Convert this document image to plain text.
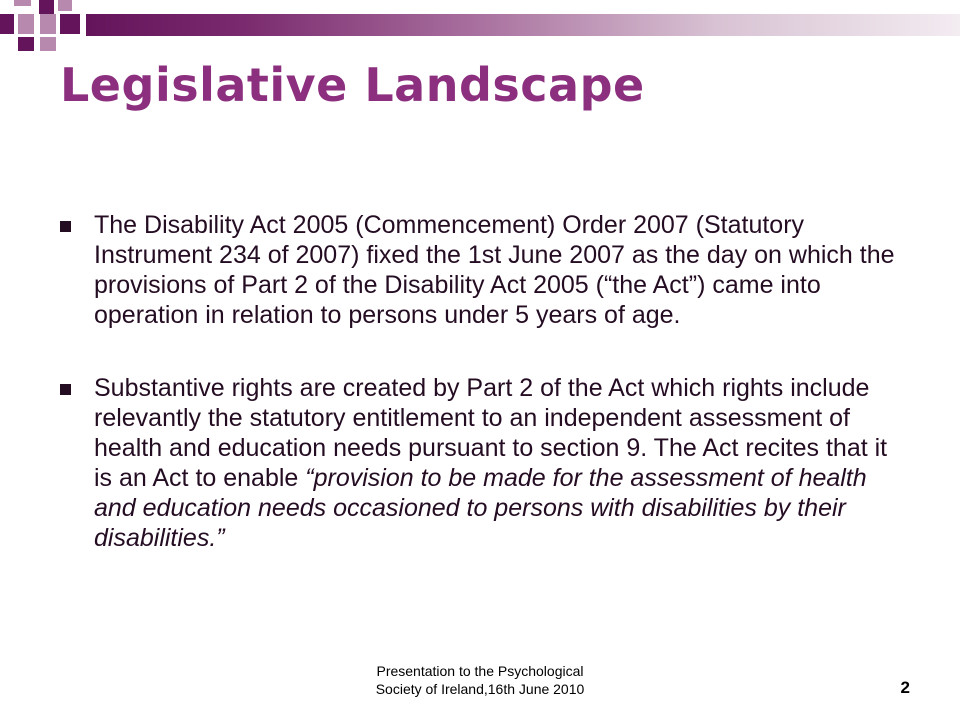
Legislative Landscape
The Disability Act 2005 (Commencement) Order 2007 (Statutory Instrument 234 of 2007) fixed the 1st June 2007 as the day on which the provisions of Part 2 of the Disability Act 2005 (“the Act”) came into operation in relation to persons under 5 years of age.
Substantive rights are created by Part 2 of the Act which rights include relevantly the statutory entitlement to an independent assessment of health and education needs pursuant to section 9. The Act recites that it is an Act to enable “provision to be made for the assessment of health and education needs occasioned to persons with disabilities by their disabilities.”
Presentation to the Psychological
Society of Ireland,16th June 2010	2
